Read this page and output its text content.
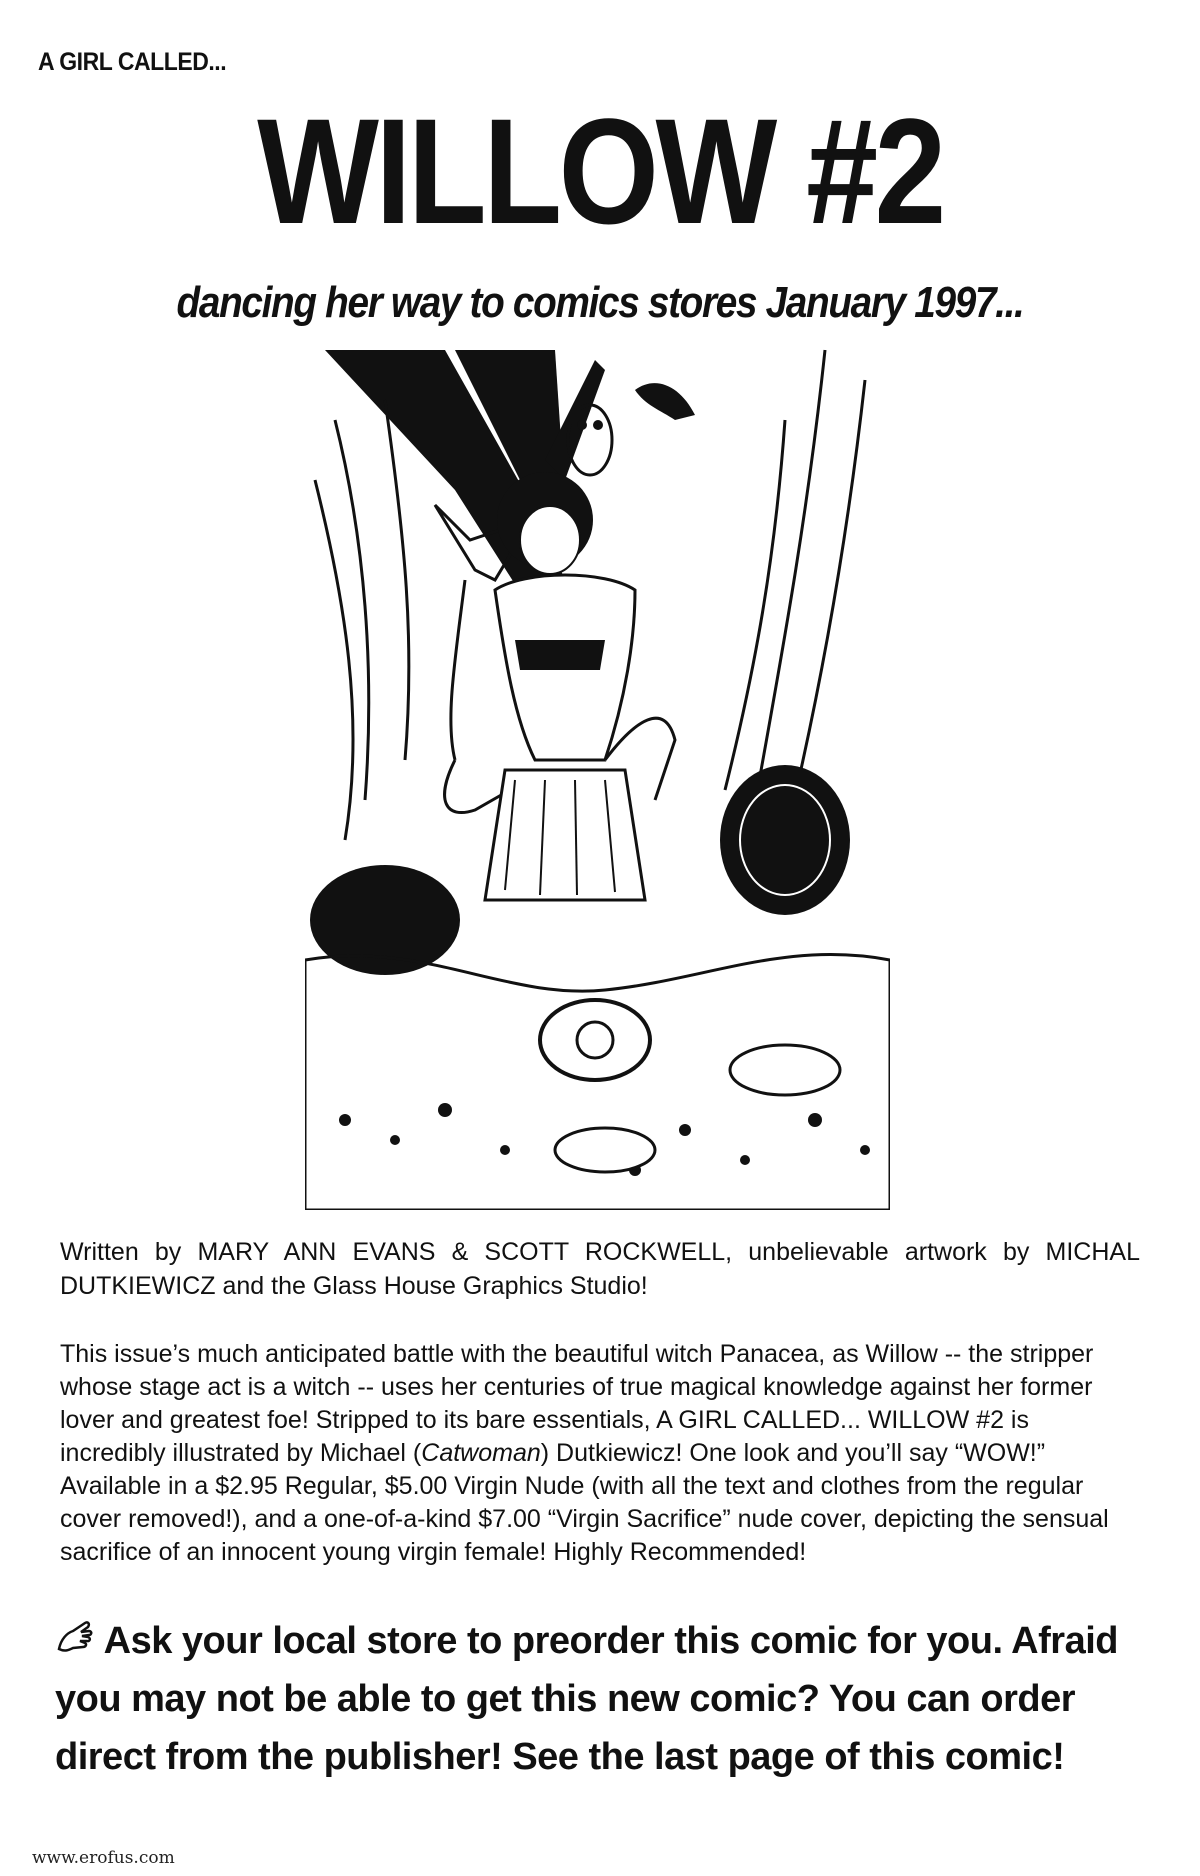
A GIRL CALLED...
WILLOW #2
dancing her way to comics stores January 1997...
Written by MARY ANN EVANS & SCOTT ROCKWELL, unbelievable artwork by MICHAL DUTKIEWICZ and the Glass House Graphics Studio!
This issue’s much anticipated battle with the beautiful witch Panacea, as Willow -- the stripper whose stage act is a witch -- uses her centuries of true magical knowledge against her former lover and greatest foe! Stripped to its bare essentials, A GIRL CALLED... WILLOW #2 is incredibly illustrated by Michael (Catwoman) Dutkiewicz! One look and you’ll say “WOW!” Available in a $2.95 Regular, $5.00 Virgin Nude (with all the text and clothes from the regular cover removed!), and a one-of-a-kind $7.00 “Virgin Sacrifice” nude cover, depicting the sensual sacrifice of an innocent young virgin female! Highly Recommended!
Ask your local store to preorder this comic for you. Afraid you may not be able to get this new comic? You can order direct from the publisher! See the last page of this comic!
www.erofus.com
